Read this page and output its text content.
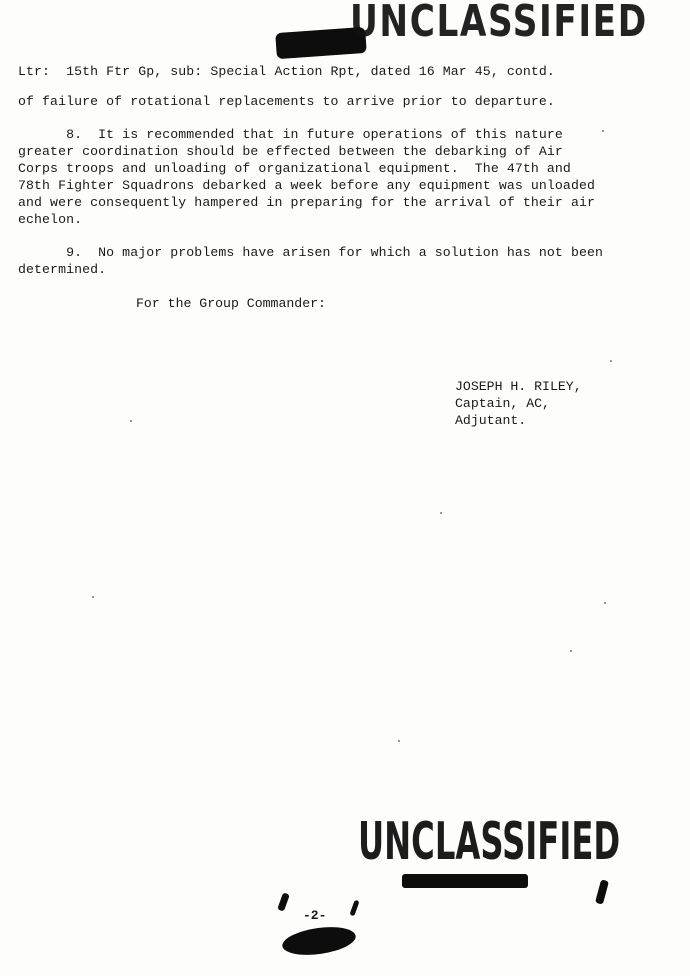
UNCLASSIFIED
Ltr:  15th Ftr Gp, sub: Special Action Rpt, dated 16 Mar 45, contd.
of failure of rotational replacements to arrive prior to departure.
8.  It is recommended that in future operations of this nature
greater coordination should be effected between the debarking of Air
Corps troops and unloading of organizational equipment.  The 47th and
78th Fighter Squadrons debarked a week before any equipment was unloaded
and were consequently hampered in preparing for the arrival of their air
echelon.
9.  No major problems have arisen for which a solution has not been
determined.
For the Group Commander:
JOSEPH H. RILEY,
Captain, AC,
Adjutant.
UNCLASSIFIED
-2-
